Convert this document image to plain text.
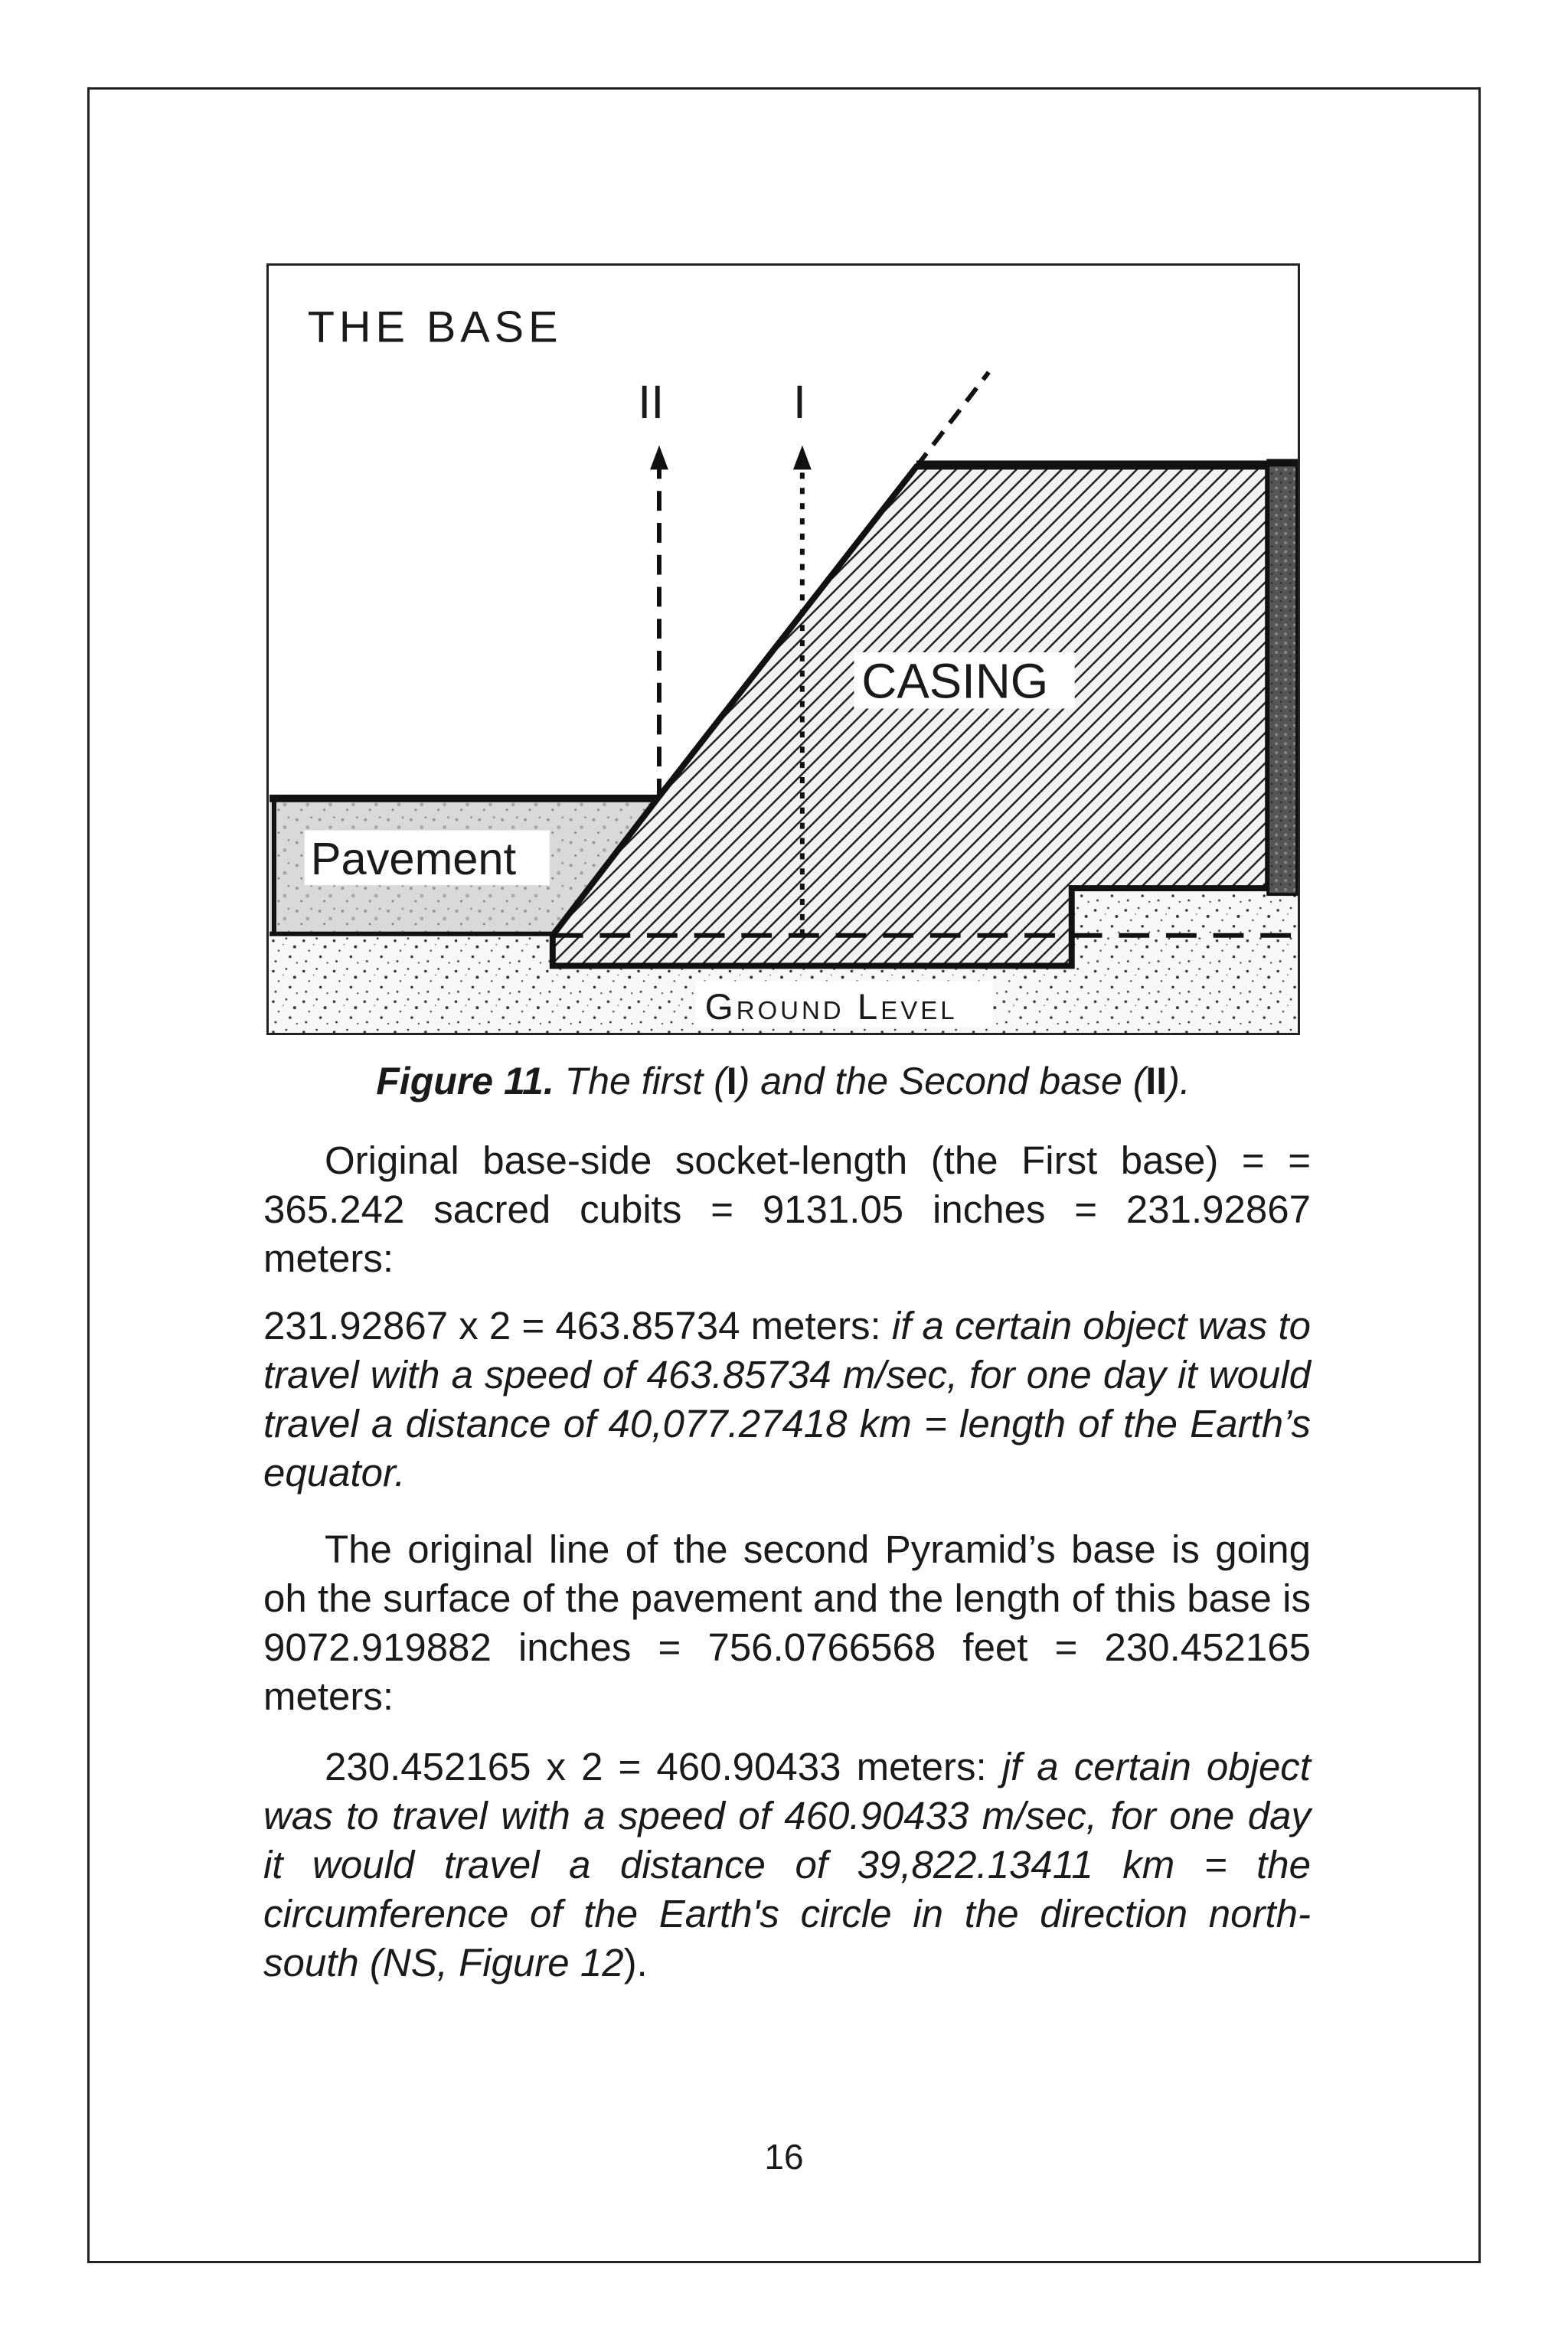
THE BASE
II	I
CASING
Pavement
Ground Level
Figure 11. The first (I) and the Second base (II).

Original base-side socket-length (the First base) = = 365.242 sacred cubits = 9131.05 inches = 231.92867 meters:

231.92867 x 2 = 463.85734 meters: if a certain object was to travel with a speed of 463.85734 m/sec, for one day it would travel a distance of 40,077.27418 km = length of the Earth’s equator.

The original line of the second Pyramid’s base is going oh the surface of the pavement and the length of this base is 9072.919882 inches = 756.0766568 feet = 230.452165 meters:

230.452165 x 2 = 460.90433 meters: jf a certain object was to travel with a speed of 460.90433 m/sec, for one day it would travel a distance of 39,822.13411 km = the circumference of the Earth's circle in the direction north-south (NS, Figure 12).

16
